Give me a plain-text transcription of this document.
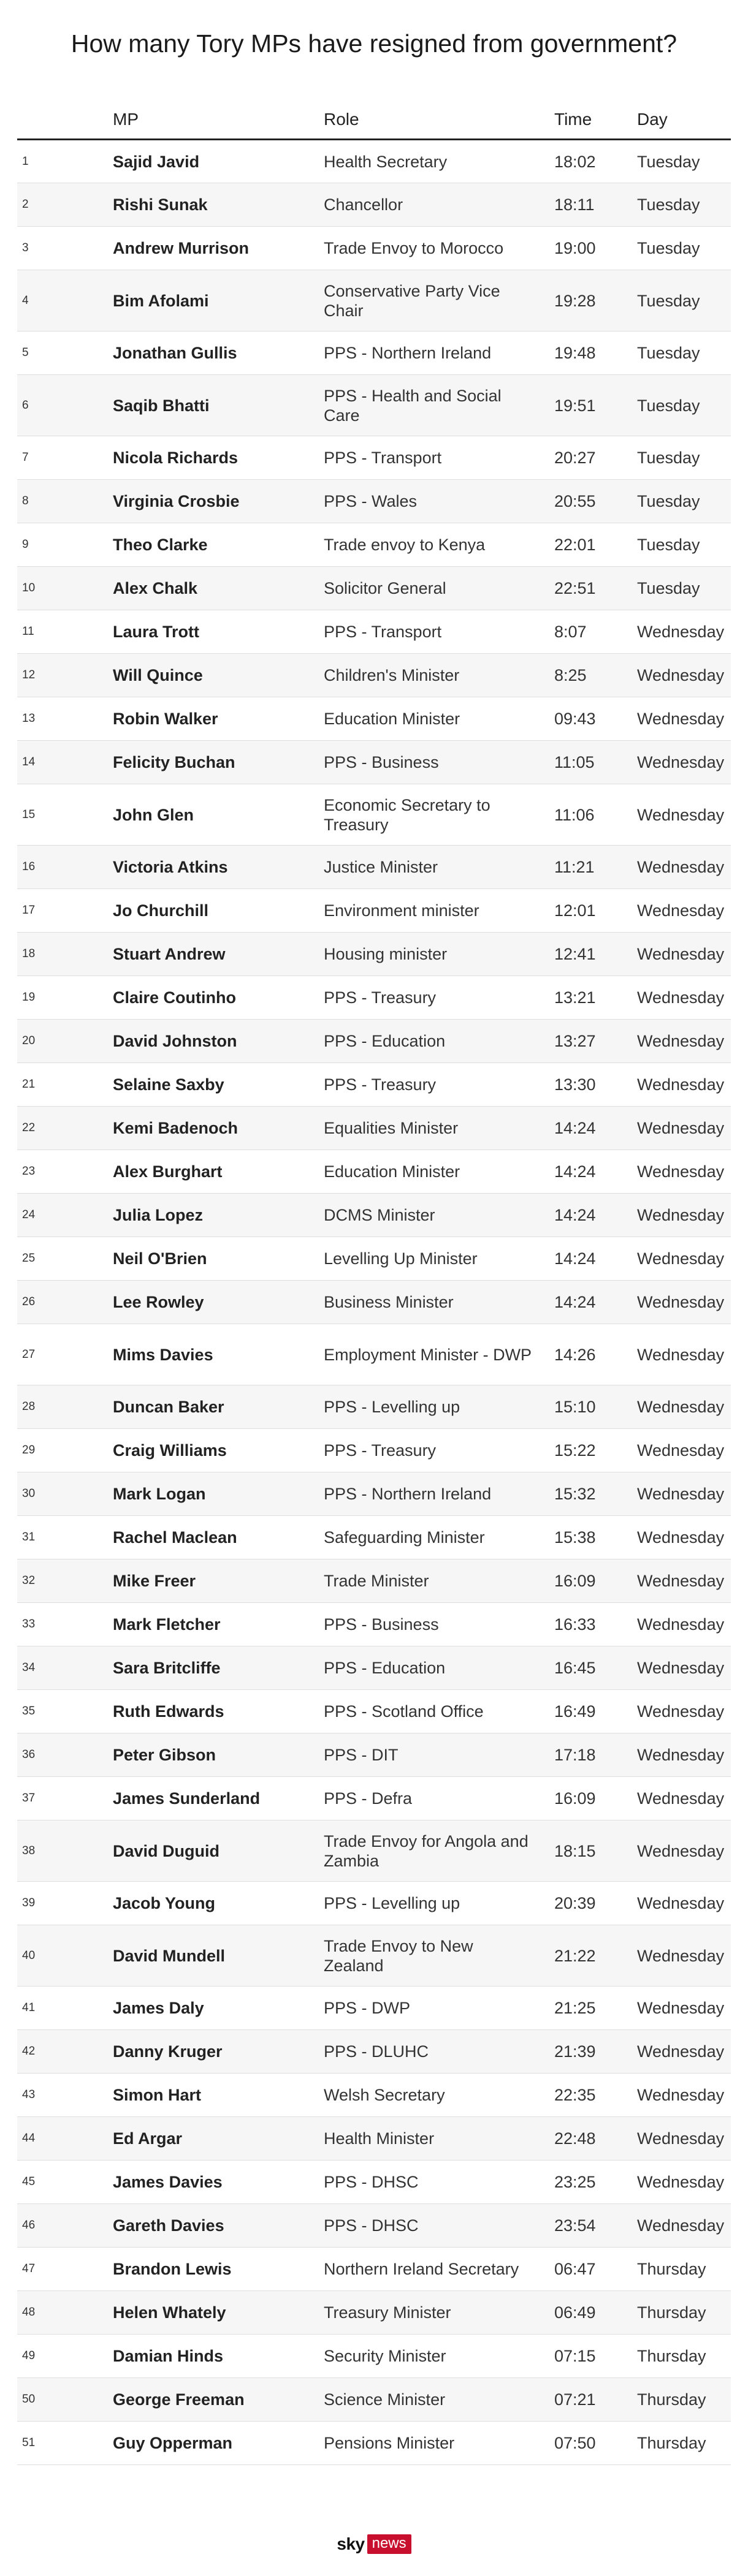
How many Tory MPs have resigned from government?
	MP	Role	Time	Day
1	Sajid Javid	Health Secretary	18:02	Tuesday
2	Rishi Sunak	Chancellor	18:11	Tuesday
3	Andrew Murrison	Trade Envoy to Morocco	19:00	Tuesday
4	Bim Afolami	Conservative Party Vice Chair	19:28	Tuesday
5	Jonathan Gullis	PPS - Northern Ireland	19:48	Tuesday
6	Saqib Bhatti	PPS - Health and Social Care	19:51	Tuesday
7	Nicola Richards	PPS - Transport	20:27	Tuesday
8	Virginia Crosbie	PPS - Wales	20:55	Tuesday
9	Theo Clarke	Trade envoy to Kenya	22:01	Tuesday
10	Alex Chalk	Solicitor General	22:51	Tuesday
11	Laura Trott	PPS - Transport	8:07	Wednesday
12	Will Quince	Children's Minister	8:25	Wednesday
13	Robin Walker	Education Minister	09:43	Wednesday
14	Felicity Buchan	PPS - Business	11:05	Wednesday
15	John Glen	Economic Secretary to Treasury	11:06	Wednesday
16	Victoria Atkins	Justice Minister	11:21	Wednesday
17	Jo Churchill	Environment minister	12:01	Wednesday
18	Stuart Andrew	Housing minister	12:41	Wednesday
19	Claire Coutinho	PPS - Treasury	13:21	Wednesday
20	David Johnston	PPS - Education	13:27	Wednesday
21	Selaine Saxby	PPS - Treasury	13:30	Wednesday
22	Kemi Badenoch	Equalities Minister	14:24	Wednesday
23	Alex Burghart	Education Minister	14:24	Wednesday
24	Julia Lopez	DCMS Minister	14:24	Wednesday
25	Neil O'Brien	Levelling Up Minister	14:24	Wednesday
26	Lee Rowley	Business Minister	14:24	Wednesday
27	Mims Davies	Employment Minister - DWP	14:26	Wednesday
28	Duncan Baker	PPS - Levelling up	15:10	Wednesday
29	Craig Williams	PPS - Treasury	15:22	Wednesday
30	Mark Logan	PPS - Northern Ireland	15:32	Wednesday
31	Rachel Maclean	Safeguarding Minister	15:38	Wednesday
32	Mike Freer	Trade Minister	16:09	Wednesday
33	Mark Fletcher	PPS - Business	16:33	Wednesday
34	Sara Britcliffe	PPS - Education	16:45	Wednesday
35	Ruth Edwards	PPS - Scotland Office	16:49	Wednesday
36	Peter Gibson	PPS - DIT	17:18	Wednesday
37	James Sunderland	PPS - Defra	16:09	Wednesday
38	David Duguid	Trade Envoy for Angola and Zambia	18:15	Wednesday
39	Jacob Young	PPS - Levelling up	20:39	Wednesday
40	David Mundell	Trade Envoy to New Zealand	21:22	Wednesday
41	James Daly	PPS - DWP	21:25	Wednesday
42	Danny Kruger	PPS - DLUHC	21:39	Wednesday
43	Simon Hart	Welsh Secretary	22:35	Wednesday
44	Ed Argar	Health Minister	22:48	Wednesday
45	James Davies	PPS - DHSC	23:25	Wednesday
46	Gareth Davies	PPS - DHSC	23:54	Wednesday
47	Brandon Lewis	Northern Ireland Secretary	06:47	Thursday
48	Helen Whately	Treasury Minister	06:49	Thursday
49	Damian Hinds	Security Minister	07:15	Thursday
50	George Freeman	Science Minister	07:21	Thursday
51	Guy Opperman	Pensions Minister	07:50	Thursday
sky news
